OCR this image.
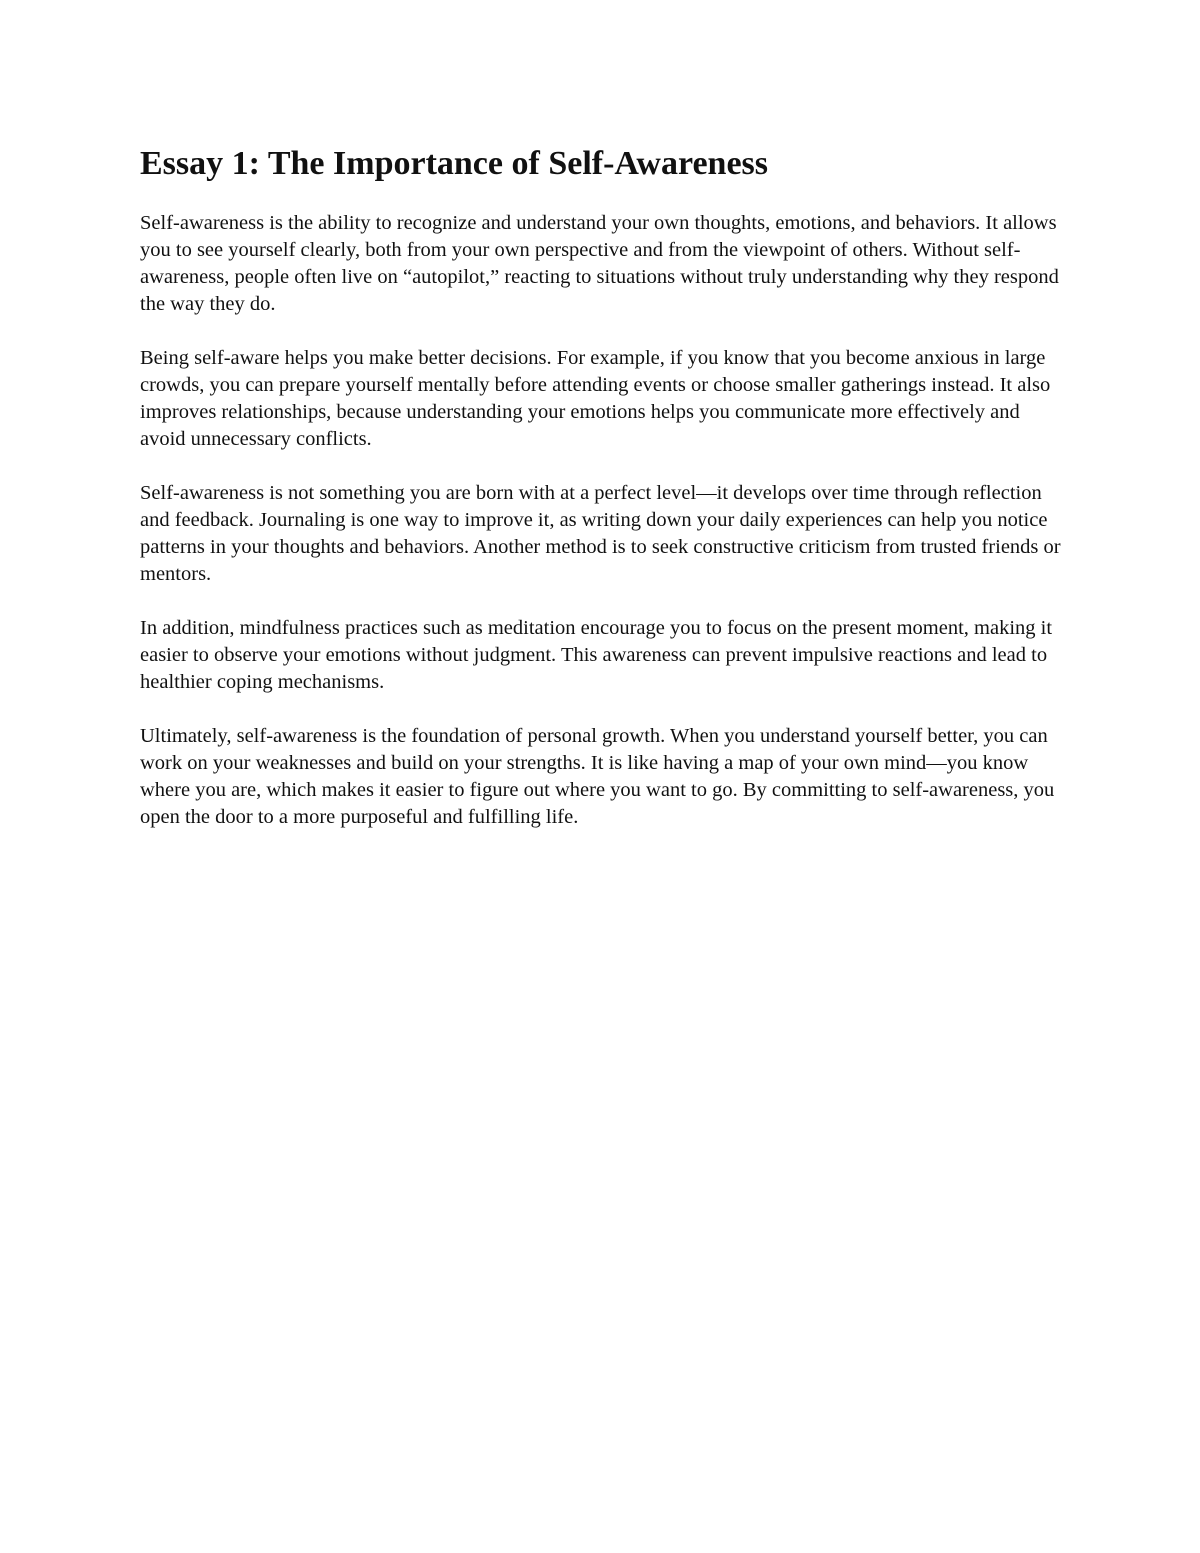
Essay 1: The Importance of Self-Awareness

Self-awareness is the ability to recognize and understand your own thoughts, emotions, and behaviors. It allows you to see yourself clearly, both from your own perspective and from the viewpoint of others. Without self-awareness, people often live on “autopilot,” reacting to situations without truly understanding why they respond the way they do.

Being self-aware helps you make better decisions. For example, if you know that you become anxious in large crowds, you can prepare yourself mentally before attending events or choose smaller gatherings instead. It also improves relationships, because understanding your emotions helps you communicate more effectively and avoid unnecessary conflicts.

Self-awareness is not something you are born with at a perfect level—it develops over time through reflection and feedback. Journaling is one way to improve it, as writing down your daily experiences can help you notice patterns in your thoughts and behaviors. Another method is to seek constructive criticism from trusted friends or mentors.

In addition, mindfulness practices such as meditation encourage you to focus on the present moment, making it easier to observe your emotions without judgment. This awareness can prevent impulsive reactions and lead to healthier coping mechanisms.

Ultimately, self-awareness is the foundation of personal growth. When you understand yourself better, you can work on your weaknesses and build on your strengths. It is like having a map of your own mind—you know where you are, which makes it easier to figure out where you want to go. By committing to self-awareness, you open the door to a more purposeful and fulfilling life.
